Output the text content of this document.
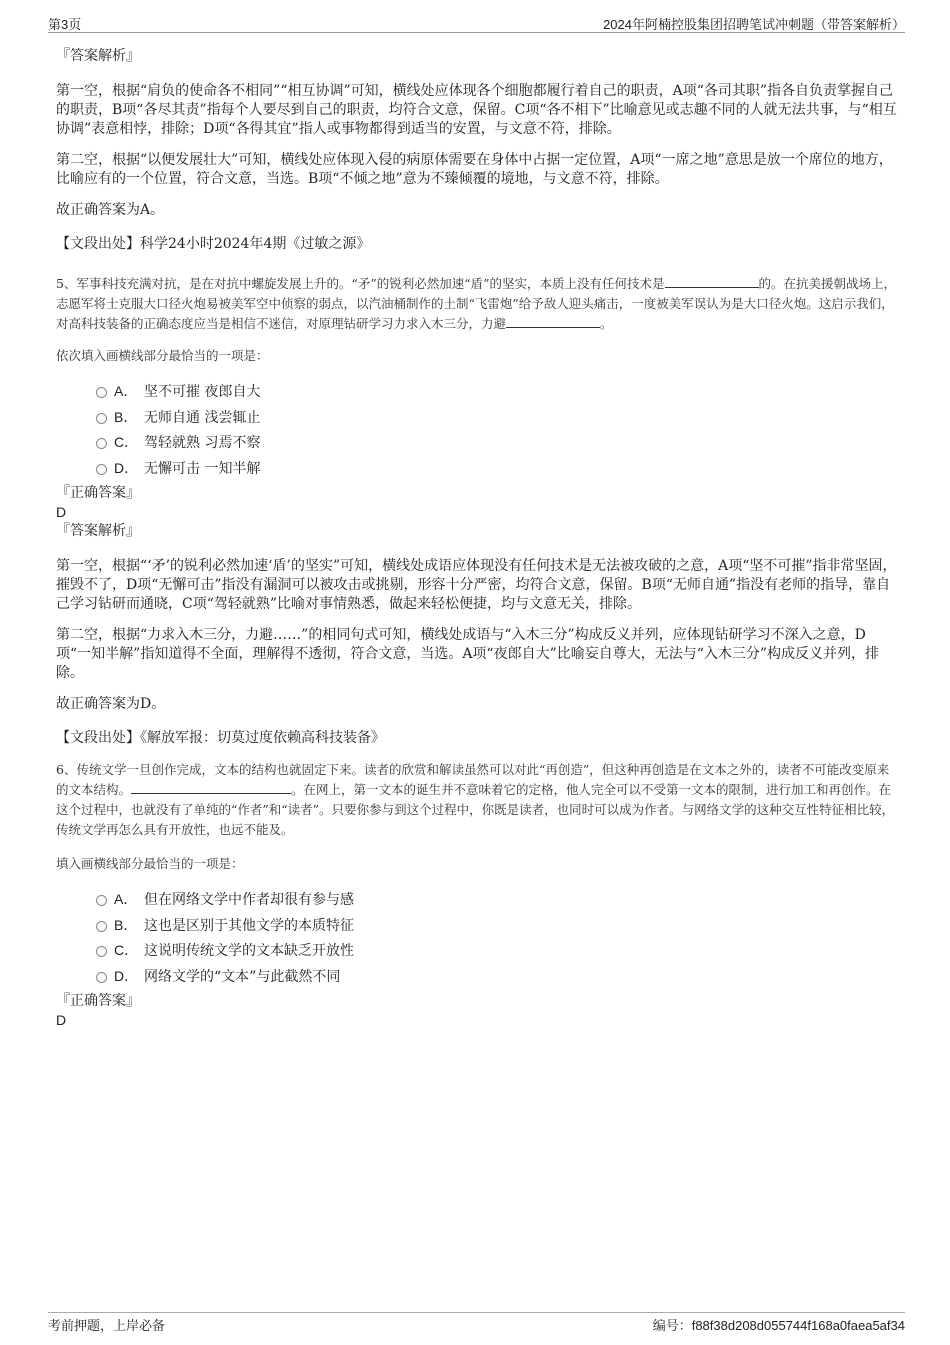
第3页	2024年阿楠控股集团招聘笔试冲刺题（带答案解析）

『答案解析』

第一空，根据“肩负的使命各不相同”“相互协调”可知，横线处应体现各个细胞都履行着自己的职责，A项“各司其职”指各自负责掌握自己的职责，B项“各尽其责”指每个人要尽到自己的职责，均符合文意，保留。C项“各不相下”比喻意见或志趣不同的人就无法共事，与“相互协调”表意相悖，排除；D项“各得其宜”指人或事物都得到适当的安置，与文意不符，排除。

第二空，根据“以便发展壮大”可知，横线处应体现入侵的病原体需要在身体中占据一定位置，A项“一席之地”意思是放一个席位的地方，比喻应有的一个位置，符合文意，当选。B项“不倾之地”意为不臻倾覆的境地，与文意不符，排除。

故正确答案为A。

【文段出处】科学24小时2024年4期《过敏之源》

5、军事科技充满对抗，是在对抗中螺旋发展上升的。“矛”的锐利必然加速“盾”的坚实，本质上没有任何技术是	的。在抗美援朝战场上，志愿军将士克服大口径火炮易被美军空中侦察的弱点，以汽油桶制作的土制“飞雷炮”给予敌人迎头痛击，一度被美军误认为是大口径火炮。这启示我们，对高科技装备的正确态度应当是相信不迷信，对原理钻研学习力求入木三分，力避	。

依次填入画横线部分最恰当的一项是：

A． 坚不可摧 夜郎自大
B． 无师自通 浅尝辄止
C． 驾轻就熟 习焉不察
D． 无懈可击 一知半解

『正确答案』

D

『答案解析』

第一空，根据“‘矛’的锐利必然加速‘盾’的坚实”可知，横线处成语应体现没有任何技术是无法被攻破的之意，A项“坚不可摧”指非常坚固，摧毁不了，D项“无懈可击”指没有漏洞可以被攻击或挑剔，形容十分严密，均符合文意，保留。B项“无师自通”指没有老师的指导，靠自己学习钻研而通晓，C项“驾轻就熟”比喻对事情熟悉，做起来轻松便捷，均与文意无关，排除。

第二空，根据“力求入木三分，力避……”的相同句式可知，横线处成语与“入木三分”构成反义并列，应体现钻研学习不深入之意，D项“一知半解”指知道得不全面，理解得不透彻，符合文意，当选。A项“夜郎自大”比喻妄自尊大，无法与“入木三分”构成反义并列，排除。

故正确答案为D。

【文段出处】《解放军报：切莫过度依赖高科技装备》

6、传统文学一旦创作完成，文本的结构也就固定下来。读者的欣赏和解读虽然可以对此“再创造”，但这种再创造是在文本之外的，读者不可能改变原来的文本结构。	。在网上，第一文本的诞生并不意味着它的定格，他人完全可以不受第一文本的限制，进行加工和再创作。在这个过程中，也就没有了单纯的“作者”和“读者”。只要你参与到这个过程中，你既是读者，也同时可以成为作者。与网络文学的这种交互性特征相比较，传统文学再怎么具有开放性，也远不能及。

填入画横线部分最恰当的一项是：

A． 但在网络文学中作者却很有参与感
B． 这也是区别于其他文学的本质特征
C． 这说明传统文学的文本缺乏开放性
D． 网络文学的“文本”与此截然不同

『正确答案』

D
考前押题，上岸必备	编号：f88f38d208d055744f168a0faea5af34
